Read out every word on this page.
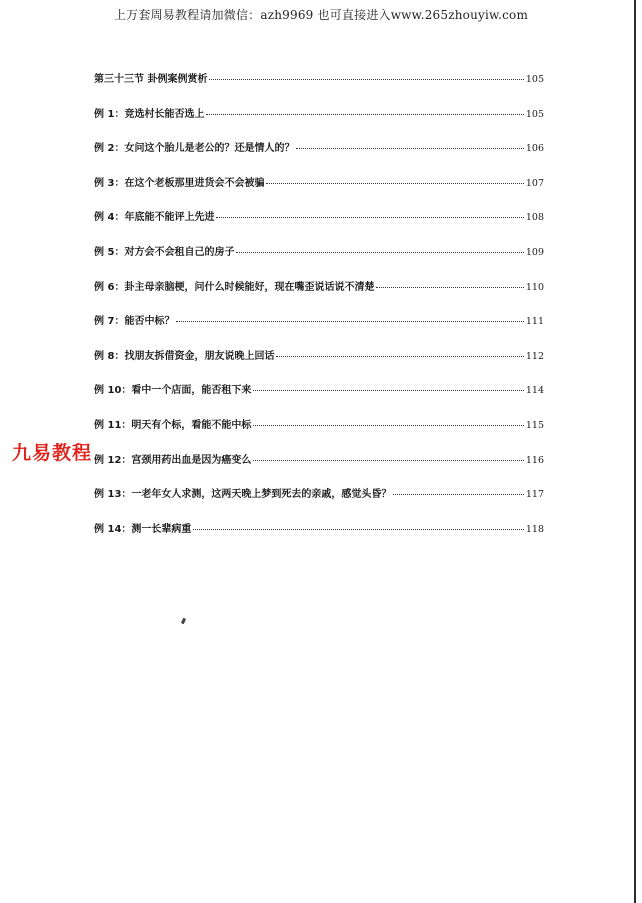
上万套周易教程请加微信：azh9969 也可直接进入www.265zhouyiw.com
第三十三节 卦例案例赏析	105
例 1：竞选村长能否选上	105
例 2：女问这个胎儿是老公的？还是情人的？	106
例 3：在这个老板那里进货会不会被骗	107
例 4：年底能不能评上先进	108
例 5：对方会不会租自己的房子	109
例 6：卦主母亲脑梗，问什么时候能好，现在嘴歪说话说不清楚	110
例 7：能否中标？	111
例 8：找朋友拆借资金，朋友说晚上回话	112
例 10：看中一个店面，能否租下来	114
例 11：明天有个标，看能不能中标	115
例 12：宫颈用药出血是因为癌变么	116
例 13：一老年女人求测，这两天晚上梦到死去的亲戚，感觉头昏？	117
例 14：测一长辈病重	118
九易教程
